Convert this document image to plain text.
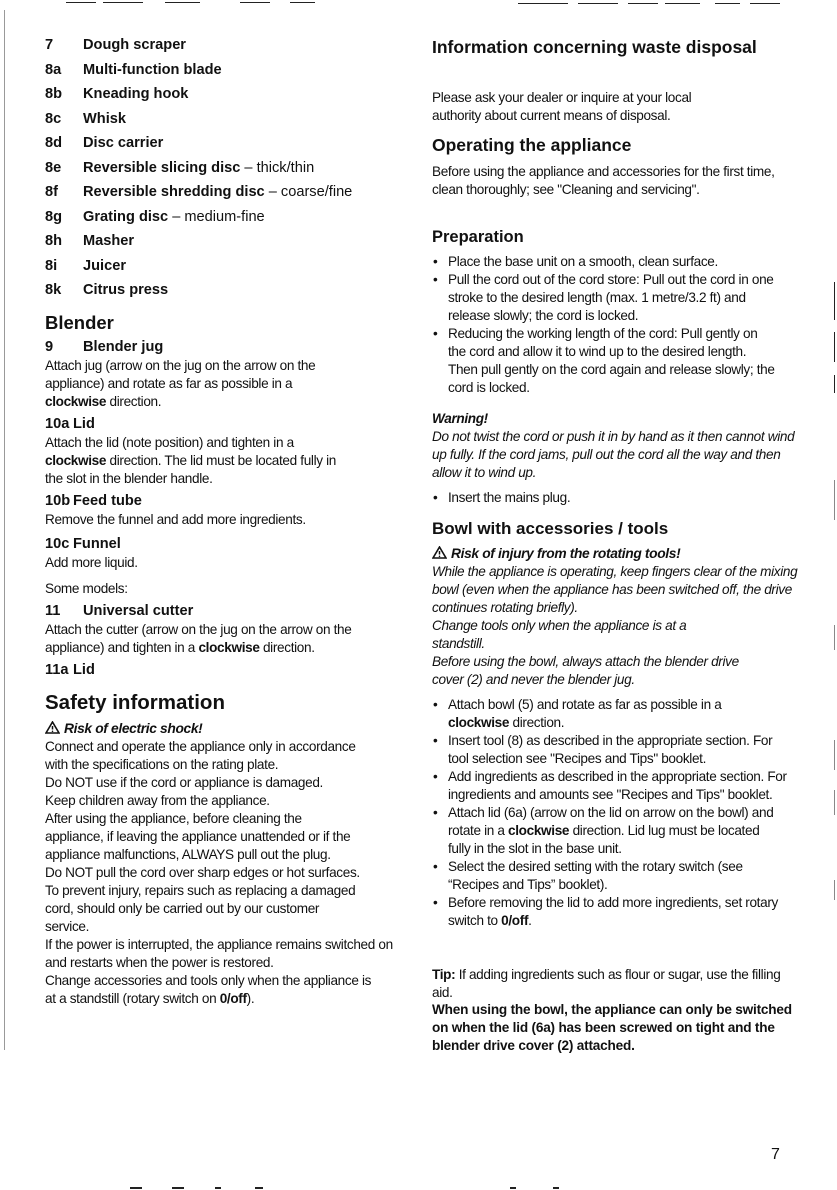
7 Dough scraper
8a Multi-function blade
8b Kneading hook
8c Whisk
8d Disc carrier
8e Reversible slicing disc – thick/thin
8f Reversible shredding disc – coarse/fine
8g Grating disc – medium-fine
8h Masher
8i Juicer
8k Citrus press
Blender
9 Blender jug
Attach jug (arrow on the jug on the arrow on the appliance) and rotate as far as possible in a clockwise direction.
10a Lid
Attach the lid (note position) and tighten in a clockwise direction. The lid must be located fully in the slot in the blender handle.
10b Feed tube
Remove the funnel and add more ingredients.
10c Funnel
Add more liquid.
Some models:
11 Universal cutter
Attach the cutter (arrow on the jug on the arrow on the appliance) and tighten in a clockwise direction.
11a Lid
Safety information
Risk of electric shock!
Connect and operate the appliance only in accordance with the specifications on the rating plate.
Do NOT use if the cord or appliance is damaged.
Keep children away from the appliance.
After using the appliance, before cleaning the appliance, if leaving the appliance unattended or if the appliance malfunctions, ALWAYS pull out the plug.
Do NOT pull the cord over sharp edges or hot surfaces.
To prevent injury, repairs such as replacing a damaged cord, should only be carried out by our customer service.
If the power is interrupted, the appliance remains switched on and restarts when the power is restored.
Change accessories and tools only when the appliance is at a standstill (rotary switch on 0/off).
Information concerning waste disposal
Please ask your dealer or inquire at your local authority about current means of disposal.
Operating the appliance
Before using the appliance and accessories for the first time, clean thoroughly; see "Cleaning and servicing".
Preparation
• Place the base unit on a smooth, clean surface.
• Pull the cord out of the cord store: Pull out the cord in one stroke to the desired length (max. 1 metre/3.2 ft) and release slowly; the cord is locked.
• Reducing the working length of the cord: Pull gently on the cord and allow it to wind up to the desired length. Then pull gently on the cord again and release slowly; the cord is locked.
Warning!
Do not twist the cord or push it in by hand as it then cannot wind up fully. If the cord jams, pull out the cord all the way and then allow it to wind up.
• Insert the mains plug.
Bowl with accessories / tools
Risk of injury from the rotating tools!
While the appliance is operating, keep fingers clear of the mixing bowl (even when the appliance has been switched off, the drive continues rotating briefly).
Change tools only when the appliance is at a standstill.
Before using the bowl, always attach the blender drive cover (2) and never the blender jug.
• Attach bowl (5) and rotate as far as possible in a clockwise direction.
• Insert tool (8) as described in the appropriate section. For tool selection see "Recipes and Tips" booklet.
• Add ingredients as described in the appropriate section. For ingredients and amounts see "Recipes and Tips" booklet.
• Attach lid (6a) (arrow on the lid on arrow on the bowl) and rotate in a clockwise direction. Lid lug must be located fully in the slot in the base unit.
• Select the desired setting with the rotary switch (see “Recipes and Tips” booklet).
• Before removing the lid to add more ingredients, set rotary switch to 0/off.
Tip: If adding ingredients such as flour or sugar, use the filling aid.
When using the bowl, the appliance can only be switched on when the lid (6a) has been screwed on tight and the blender drive cover (2) attached.
7
